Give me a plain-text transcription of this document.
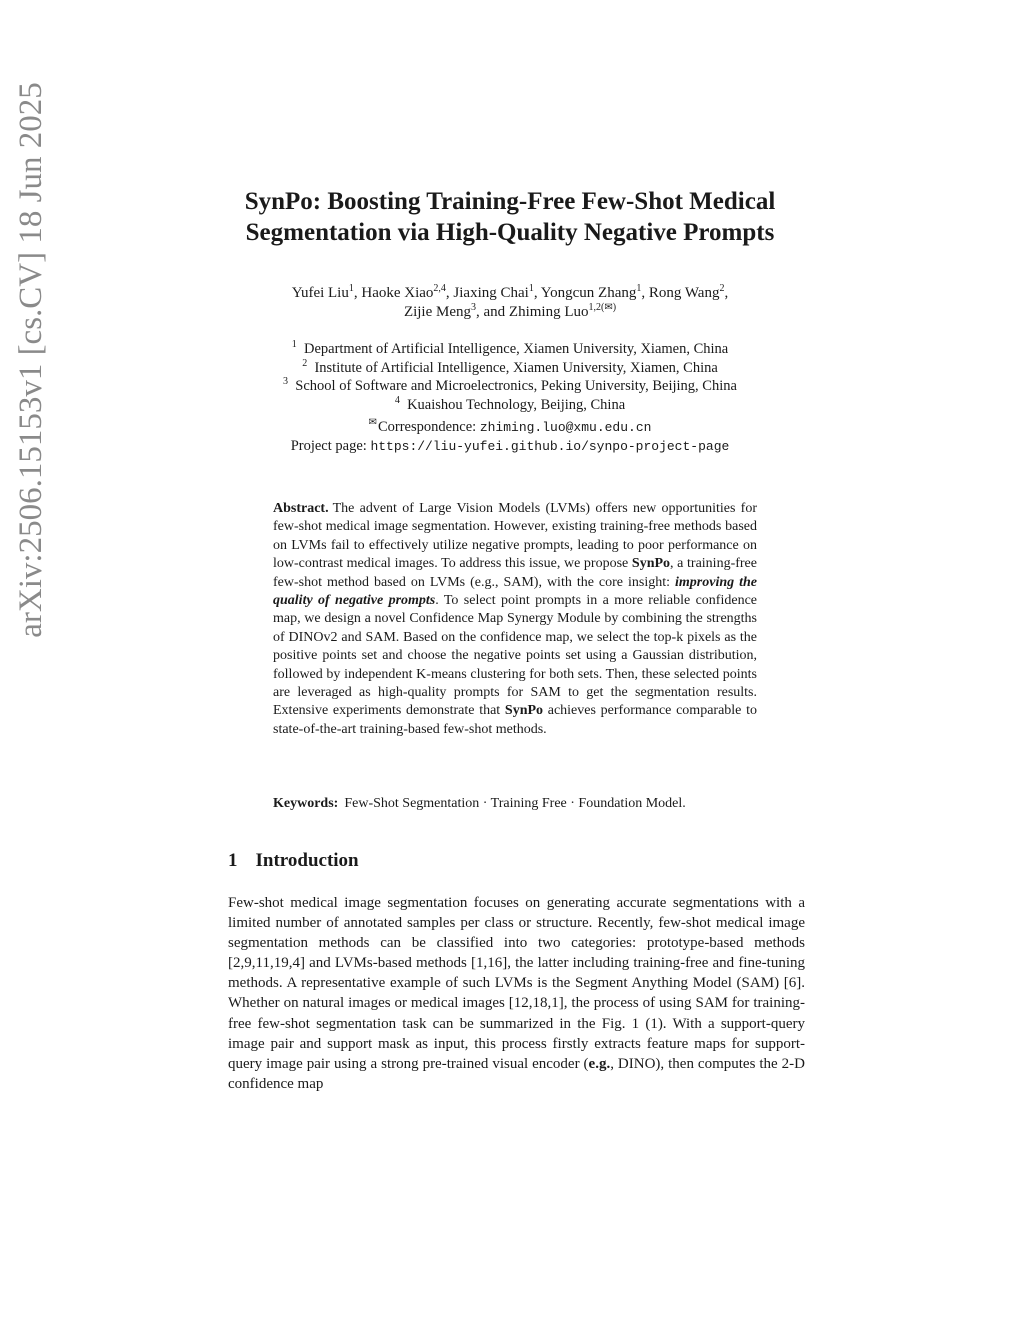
arXiv:2506.15153v1 [cs.CV] 18 Jun 2025	SynPo: Boosting Training-Free Few-Shot Medical
Segmentation via High-Quality Negative Prompts
Yufei Liu$^1$, Haoke Xiao$^{2,4}$, Jiaxing Chai$^1$, Yongcun Zhang$^1$, Rong Wang$^2$,
Zijie Meng$^3$, and Zhiming Luo$^{1,2(✉)}$
$^1$ Department of Artificial Intelligence, Xiamen University, Xiamen, China
$^2$ Institute of Artificial Intelligence, Xiamen University, Xiamen, China
$^3$ School of Software and Microelectronics, Peking University, Beijing, China
$^4$ Kuaishou Technology, Beijing, China
✉Correspondence: zhiming.luo@xmu.edu.cn
Project page: https://liu-yufei.github.io/synpo-project-page
Abstract. The advent of Large Vision Models (LVMs) offers new opportunities for few-shot medical image segmentation. However, existing training-free methods based on LVMs fail to effectively utilize negative prompts, leading to poor performance on low-contrast medical images. To address this issue, we propose SynPo, a training-free few-shot method based on LVMs (e.g., SAM), with the core insight: improving the quality of negative prompts. To select point prompts in a more reliable confidence map, we design a novel Confidence Map Synergy Module by combining the strengths of DINOv2 and SAM. Based on the confidence map, we select the top-k pixels as the positive points set and choose the negative points set using a Gaussian distribution, followed by independent K-means clustering for both sets. Then, these selected points are leveraged as high-quality prompts for SAM to get the segmentation results. Extensive experiments demonstrate that SynPo achieves performance comparable to state-of-the-art training-based few-shot methods.
Keywords: Few-Shot Segmentation · Training Free · Foundation Model.
1 Introduction
Few-shot medical image segmentation focuses on generating accurate segmentations with a limited number of annotated samples per class or structure. Recently, few-shot medical image segmentation methods can be classified into two categories: prototype-based methods [2,9,11,19,4] and LVMs-based methods [1,16], the latter including training-free and fine-tuning methods. A representative example of such LVMs is the Segment Anything Model (SAM) [6]. Whether on natural images or medical images [12,18,1], the process of using SAM for training-free few-shot segmentation task can be summarized in the Fig. 1 (1). With a support-query image pair and support mask as input, this process firstly extracts feature maps for support-query image pair using a strong pre-trained visual encoder (e.g., DINO), then computes the 2-D confidence map
